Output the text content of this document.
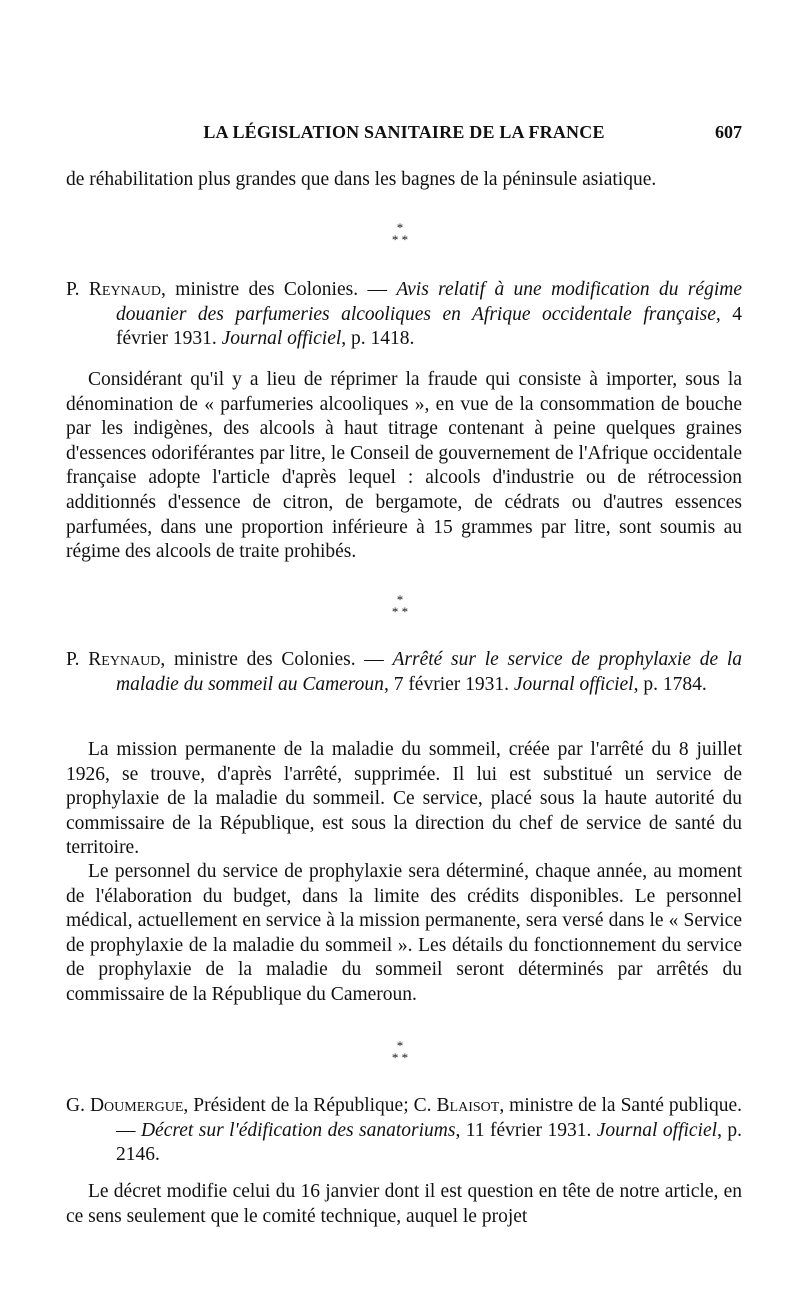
LA LÉGISLATION SANITAIRE DE LA FRANCE	607
de réhabilitation plus grandes que dans les bagnes de la péninsule asiatique.
*
* *
P. Reynaud, ministre des Colonies. — Avis relatif à une modification du régime douanier des parfumeries alcooliques en Afrique occidentale française, 4 février 1931. Journal officiel, p. 1418.
Considérant qu'il y a lieu de réprimer la fraude qui consiste à importer, sous la dénomination de « parfumeries alcooliques », en vue de la consommation de bouche par les indigènes, des alcools à haut titrage contenant à peine quelques graines d'essences odoriférantes par litre, le Conseil de gouvernement de l'Afrique occidentale française adopte l'article d'après lequel : alcools d'industrie ou de rétrocession additionnés d'essence de citron, de bergamote, de cédrats ou d'autres essences parfumées, dans une proportion inférieure à 15 grammes par litre, sont soumis au régime des alcools de traite prohibés.
*
* *
P. Reynaud, ministre des Colonies. — Arrêté sur le service de prophylaxie de la maladie du sommeil au Cameroun, 7 février 1931. Journal officiel, p. 1784.
La mission permanente de la maladie du sommeil, créée par l'arrêté du 8 juillet 1926, se trouve, d'après l'arrêté, supprimée. Il lui est substitué un service de prophylaxie de la maladie du sommeil. Ce service, placé sous la haute autorité du commissaire de la République, est sous la direction du chef de service de santé du territoire.
Le personnel du service de prophylaxie sera déterminé, chaque année, au moment de l'élaboration du budget, dans la limite des crédits disponibles. Le personnel médical, actuellement en service à la mission permanente, sera versé dans le « Service de prophylaxie de la maladie du sommeil ». Les détails du fonctionnement du service de prophylaxie de la maladie du sommeil seront déterminés par arrêtés du commissaire de la République du Cameroun.
*
* *
G. Doumergue, Président de la République; C. Blaisot, ministre de la Santé publique. — Décret sur l'édification des sanatoriums, 11 février 1931. Journal officiel, p. 2146.
Le décret modifie celui du 16 janvier dont il est question en tête de notre article, en ce sens seulement que le comité technique, auquel le projet
